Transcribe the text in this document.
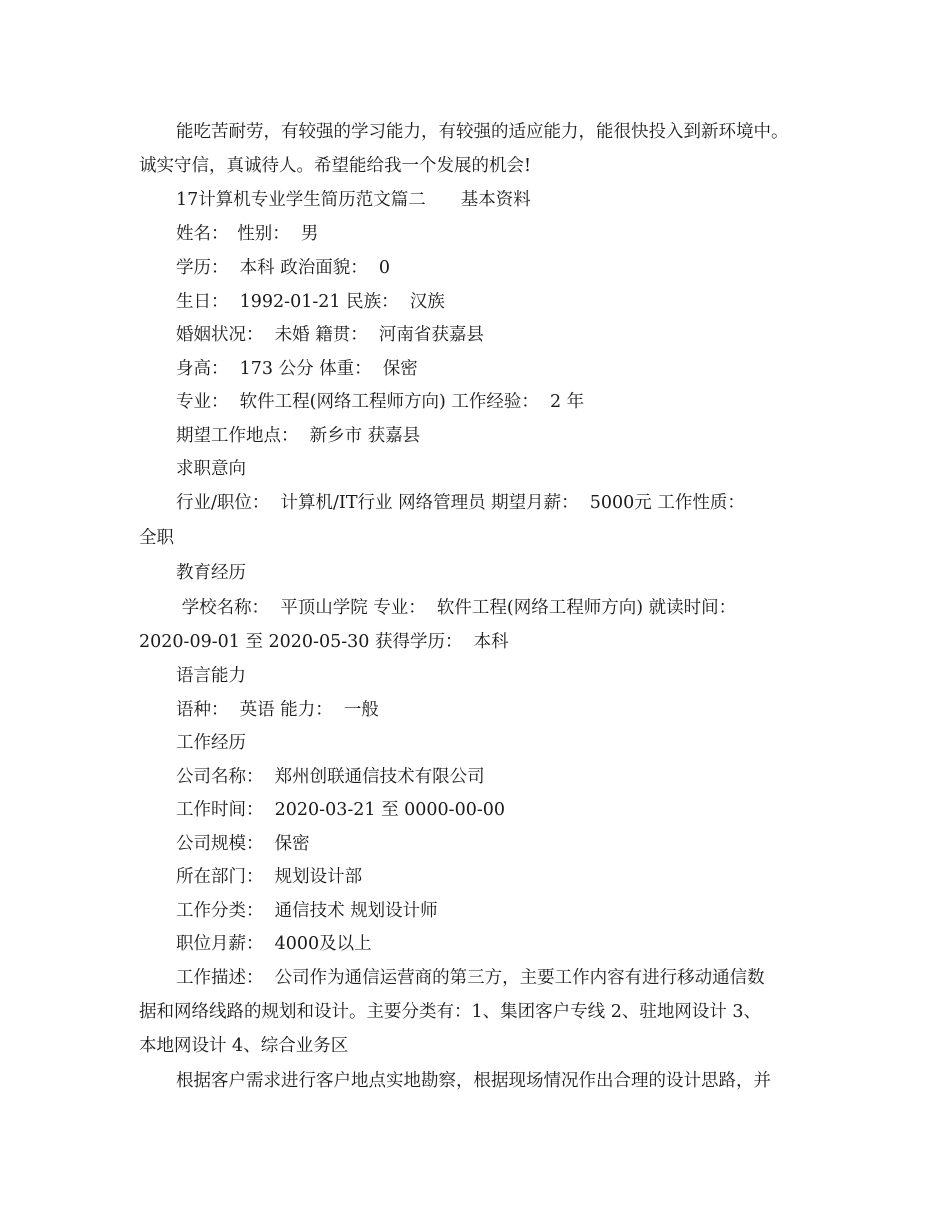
能吃苦耐劳，有较强的学习能力，有较强的适应能力，能很快投入到新环境中。
诚实守信，真诚待人。希望能给我一个发展的机会!
17计算机专业学生简历范文篇二　　基本资料
姓名：　性别：  男
学历：  本科 政治面貌：  0
生日：  1992-01-21 民族：  汉族
婚姻状况：  未婚 籍贯：  河南省获嘉县
身高：  173 公分 体重：  保密
专业：  软件工程(网络工程师方向) 工作经验：  2 年
期望工作地点：  新乡市 获嘉县
求职意向
行业/职位：  计算机/IT行业 网络管理员 期望月薪：  5000元 工作性质：
全职
教育经历
学校名称：  平顶山学院 专业：  软件工程(网络工程师方向) 就读时间：
2020-09-01 至 2020-05-30 获得学历：  本科
语言能力
语种：  英语 能力：  一般
工作经历
公司名称：  郑州创联通信技术有限公司
工作时间：  2020-03-21 至 0000-00-00
公司规模：  保密
所在部门：  规划设计部
工作分类：  通信技术 规划设计师
职位月薪：  4000及以上
工作描述：  公司作为通信运营商的第三方，主要工作内容有进行移动通信数
据和网络线路的规划和设计。主要分类有：1、集团客户专线 2、驻地网设计 3、
本地网设计 4、综合业务区
根据客户需求进行客户地点实地勘察，根据现场情况作出合理的设计思路，并
